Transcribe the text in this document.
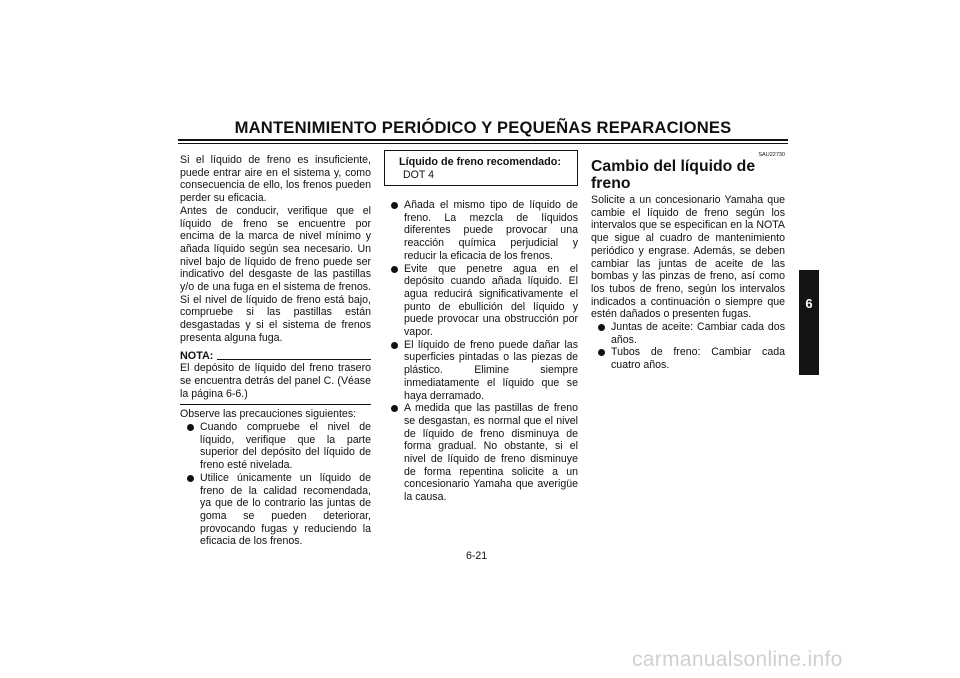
MANTENIMIENTO PERIÓDICO Y PEQUEÑAS REPARACIONES

Si el líquido de freno es insuficiente, puede entrar aire en el sistema y, como consecuencia de ello, los frenos pueden perder su eficacia.

Antes de conducir, verifique que el líquido de freno se encuentre por encima de la marca de nivel mínimo y añada líquido según sea necesario. Un nivel bajo de líquido de freno puede ser indicativo del desgaste de las pastillas y/o de una fuga en el sistema de frenos. Si el nivel de líquido de freno está bajo, compruebe si las pastillas están desgastadas y si el sistema de frenos presenta alguna fuga.

NOTA:

El depósito de líquido del freno trasero se encuentra detrás del panel C. (Véase la página 6-6.)

Observe las precauciones siguientes:

Cuando compruebe el nivel de líquido, verifique que la parte superior del depósito del líquido de freno esté nivelada.
Utilice únicamente un líquido de freno de la calidad recomendada, ya que de lo contrario las juntas de goma se pueden deteriorar, provocando fugas y reduciendo la eficacia de los frenos.
Líquido de freno recomendado:
DOT 4
Añada el mismo tipo de líquido de freno. La mezcla de líquidos diferentes puede provocar una reacción química perjudicial y reducir la eficacia de los frenos.
Evite que penetre agua en el depósito cuando añada líquido. El agua reducirá significativamente el punto de ebullición del líquido y puede provocar una obstrucción por vapor.
El líquido de freno puede dañar las superficies pintadas o las piezas de plástico. Elimine siempre inmediatamente el líquido que se haya derramado.
A medida que las pastillas de freno se desgastan, es normal que el nivel de líquido de freno disminuya de forma gradual. No obstante, si el nivel de líquido de freno disminuye de forma repentina solicite a un concesionario Yamaha que averigüe la causa.
SAU22730
Cambio del líquido de freno

Solicite a un concesionario Yamaha que cambie el líquido de freno según los intervalos que se especifican en la NOTA que sigue al cuadro de mantenimiento periódico y engrase. Además, se deben cambiar las juntas de aceite de las bombas y las pinzas de freno, así como los tubos de freno, según los intervalos indicados a continuación o siempre que estén dañados o presenten fugas.

Juntas de aceite: Cambiar cada dos años.
Tubos de freno: Cambiar cada cuatro años.
6
6-21
carmanualsonline.info
